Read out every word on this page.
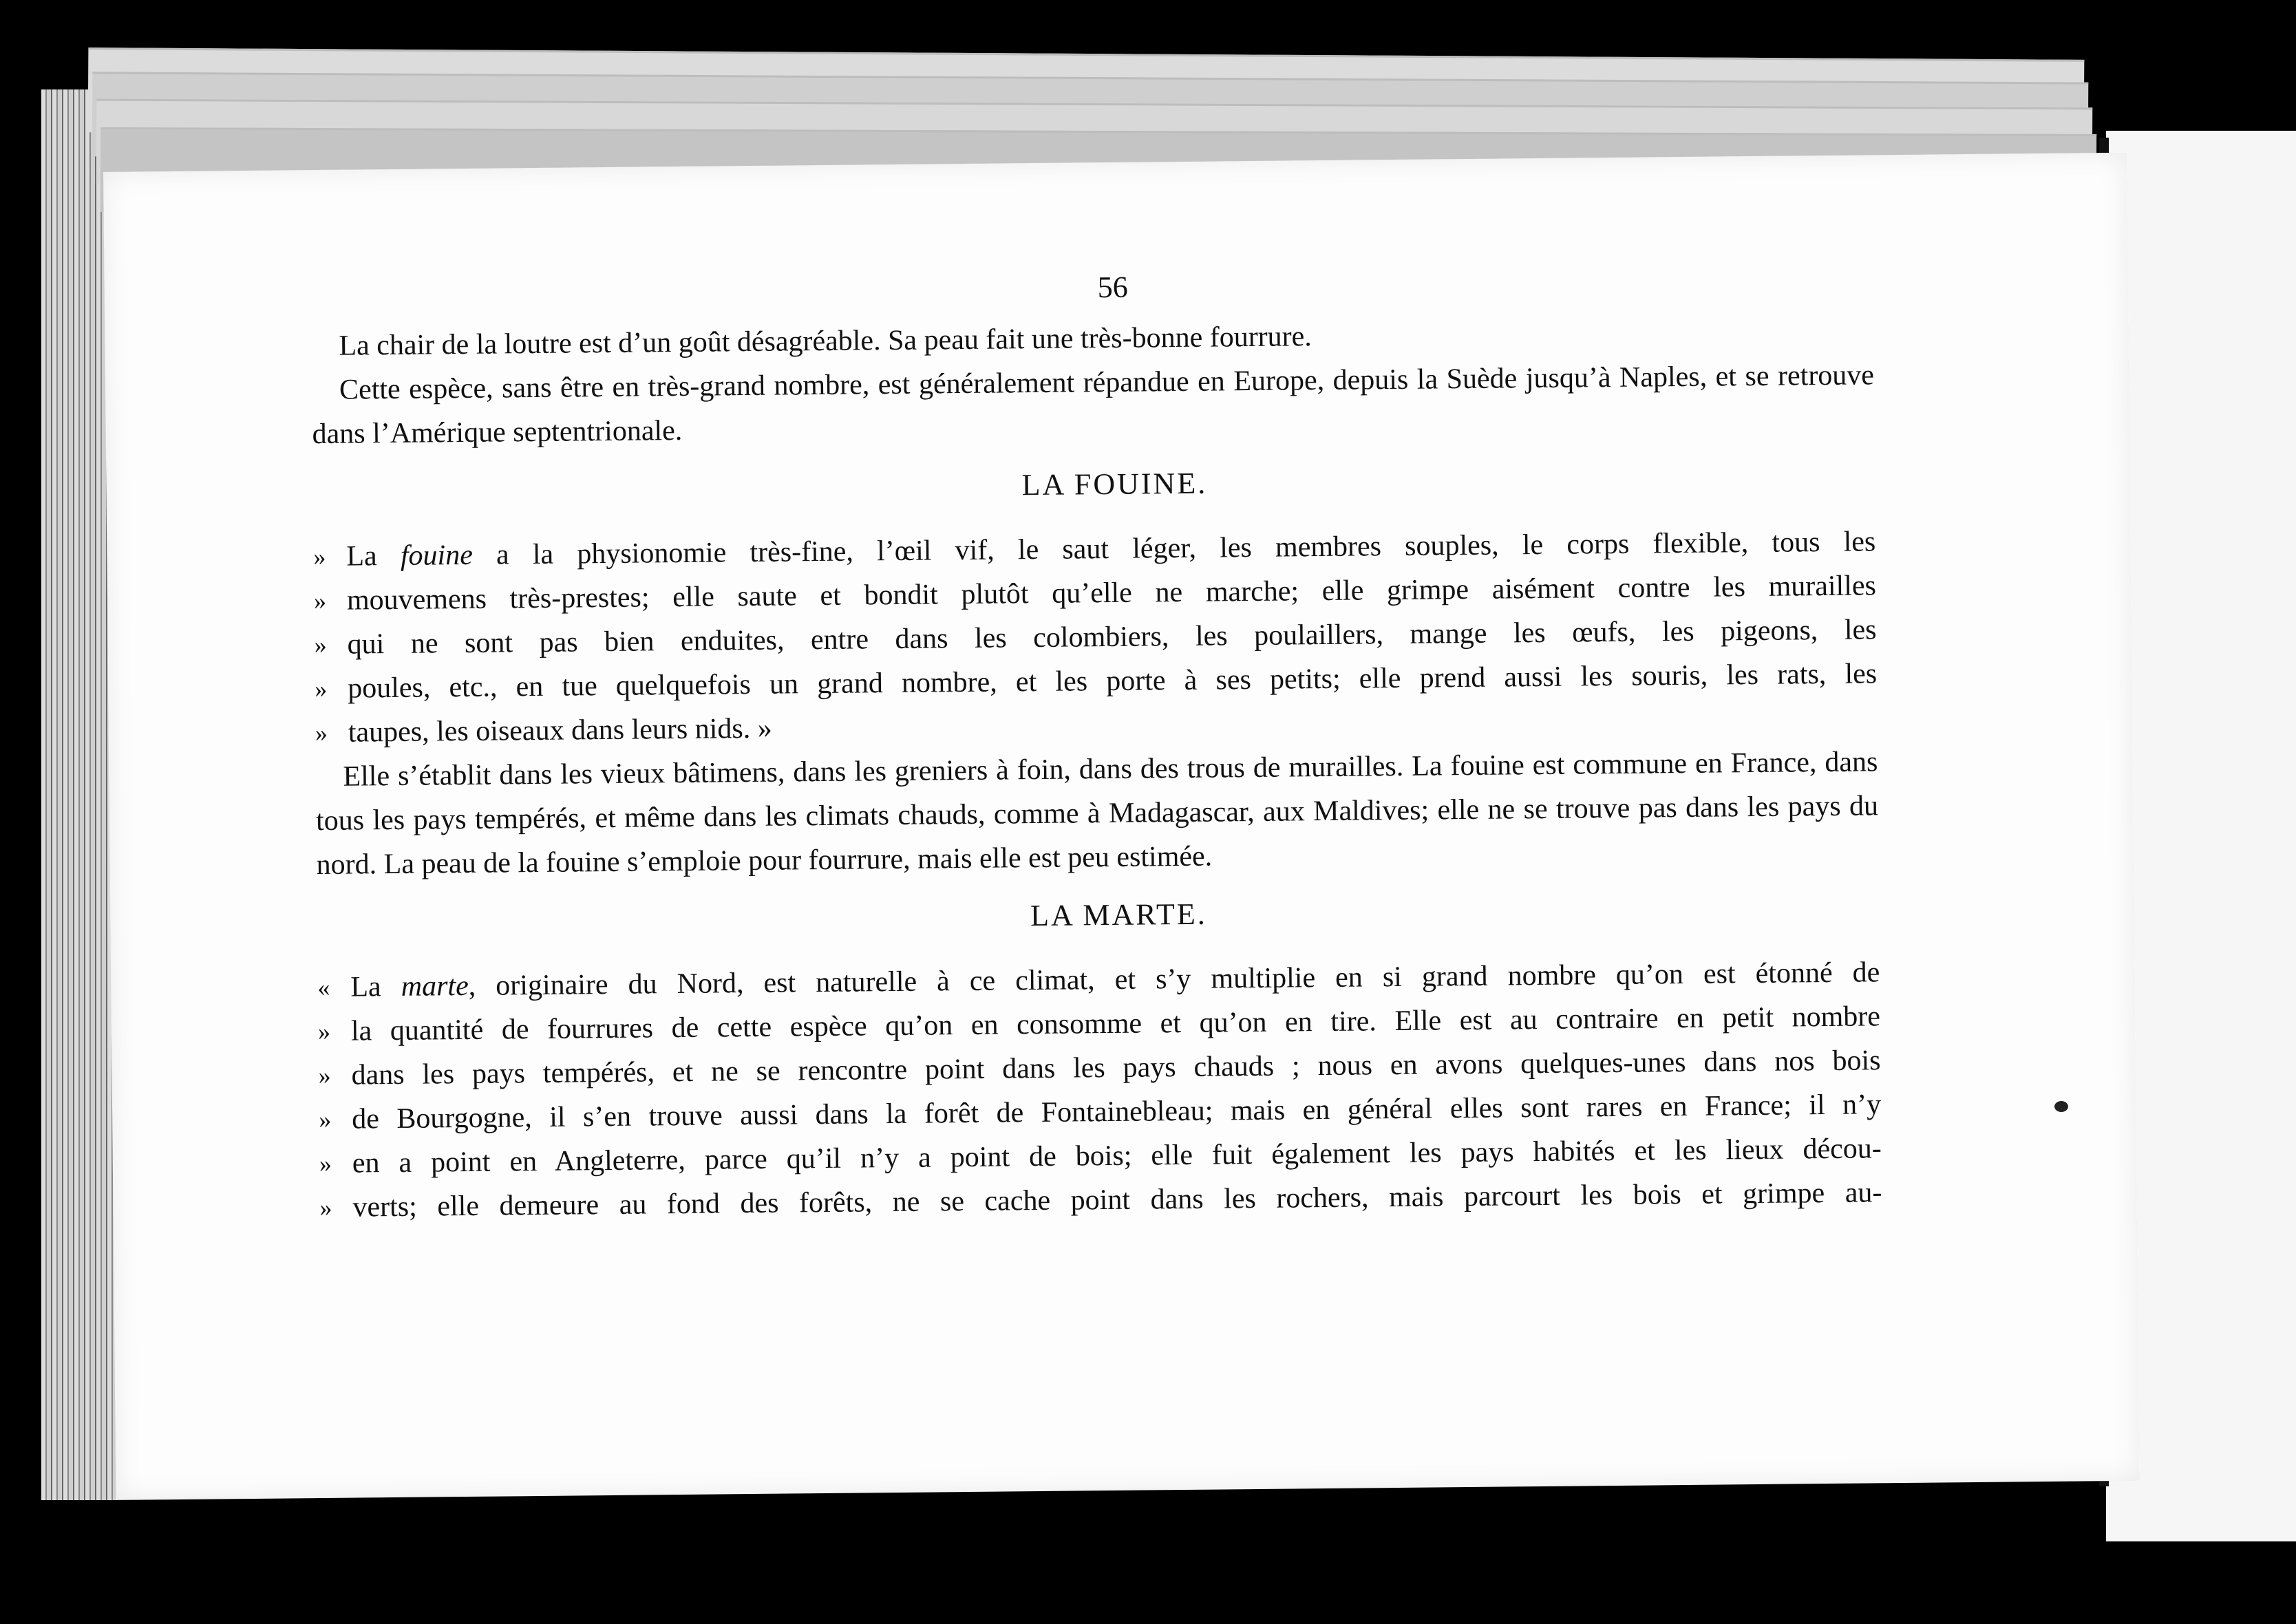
56

La chair de la loutre est d’un goût désagréable. Sa peau fait une très-bonne fourrure.

Cette espèce, sans être en très-grand nombre, est généralement répandue en Europe, depuis la Suède jusqu’à Naples, et se retrouve dans l’Amérique septentrionale.

LA FOUINE.
» La fouine a la physionomie très-fine, l’œil vif, le saut léger, les membres souples, le corps flexible, tous les
» mouvemens très-prestes; elle saute et bondit plutôt qu’elle ne marche; elle grimpe aisément contre les murailles
» qui ne sont pas bien enduites, entre dans les colombiers, les poulaillers, mange les œufs, les pigeons, les
» poules, etc., en tue quelquefois un grand nombre, et les porte à ses petits; elle prend aussi les souris, les rats, les
» taupes, les oiseaux dans leurs nids. »

Elle s’établit dans les vieux bâtimens, dans les greniers à foin, dans des trous de murailles. La fouine est commune en France, dans tous les pays tempérés, et même dans les climats chauds, comme à Madagascar, aux Maldives; elle ne se trouve pas dans les pays du nord. La peau de la fouine s’emploie pour fourrure, mais elle est peu estimée.

LA MARTE.
« La marte, originaire du Nord, est naturelle à ce climat, et s’y multiplie en si grand nombre qu’on est étonné de
» la quantité de fourrures de cette espèce qu’on en consomme et qu’on en tire. Elle est au contraire en petit nombre
» dans les pays tempérés, et ne se rencontre point dans les pays chauds ; nous en avons quelques-unes dans nos bois
» de Bourgogne, il s’en trouve aussi dans la forêt de Fontainebleau; mais en général elles sont rares en France; il n’y
» en a point en Angleterre, parce qu’il n’y a point de bois; elle fuit également les pays habités et les lieux décou-
» verts; elle demeure au fond des forêts, ne se cache point dans les rochers, mais parcourt les bois et grimpe au-
